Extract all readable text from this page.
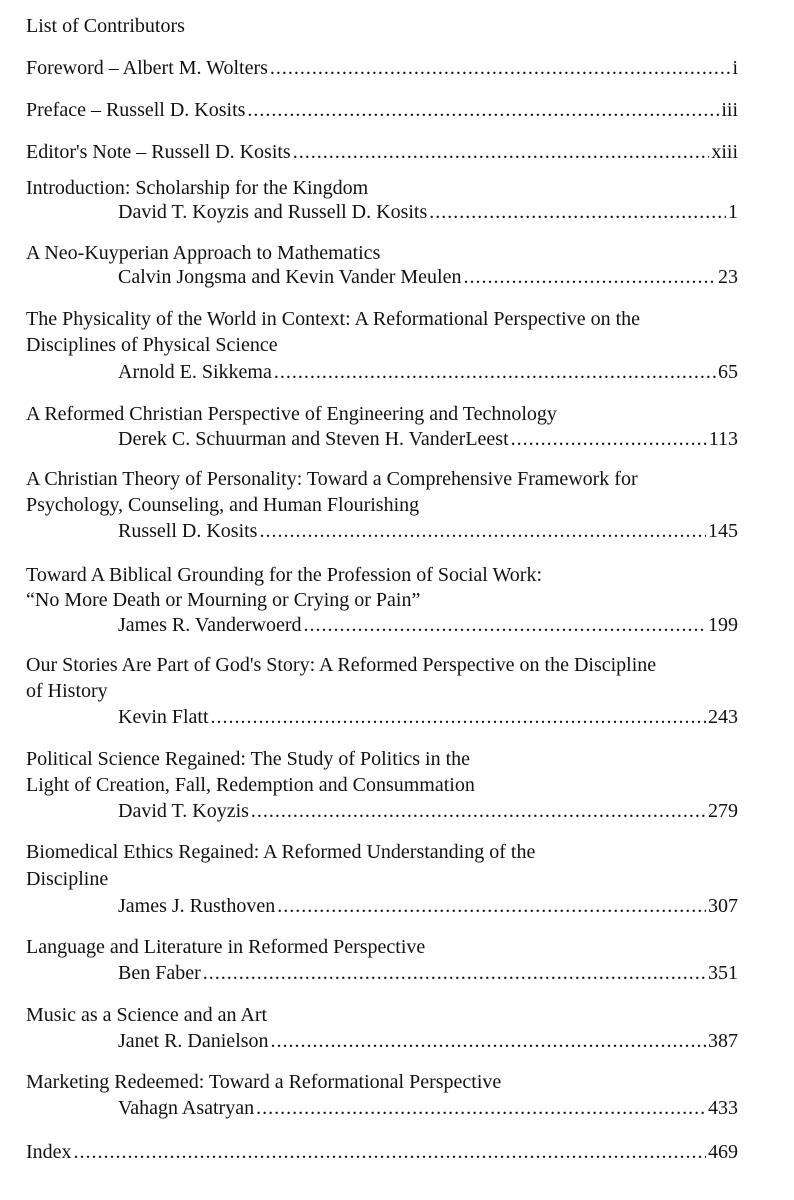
List of Contributors
Foreword – Albert M. Wolters .....	i
Preface – Russell D. Kosits .....	iii
Editor's Note – Russell D. Kosits .....	xiii
Introduction: Scholarship for the Kingdom
David T. Koyzis and Russell D. Kosits .....	1
A Neo-Kuyperian Approach to Mathematics
Calvin Jongsma and Kevin Vander Meulen .....	23
The Physicality of the World in Context: A Reformational Perspective on the
Disciplines of Physical Science
Arnold E. Sikkema .....	65
A Reformed Christian Perspective of Engineering and Technology
Derek C. Schuurman and Steven H. VanderLeest .....	113
A Christian Theory of Personality: Toward a Comprehensive Framework for
Psychology, Counseling, and Human Flourishing
Russell D. Kosits .....	145
Toward A Biblical Grounding for the Profession of Social Work:
“No More Death or Mourning or Crying or Pain”
James R. Vanderwoerd .....	199
Our Stories Are Part of God's Story: A Reformed Perspective on the Discipline
of History
Kevin Flatt .....	243
Political Science Regained: The Study of Politics in the
Light of Creation, Fall, Redemption and Consummation
David T. Koyzis .....	279
Biomedical Ethics Regained: A Reformed Understanding of the
Discipline
James J. Rusthoven .....	307
Language and Literature in Reformed Perspective
Ben Faber .....	351
Music as a Science and an Art
Janet R. Danielson .....	387
Marketing Redeemed: Toward a Reformational Perspective
Vahagn Asatryan .....	433
Index .....	469
